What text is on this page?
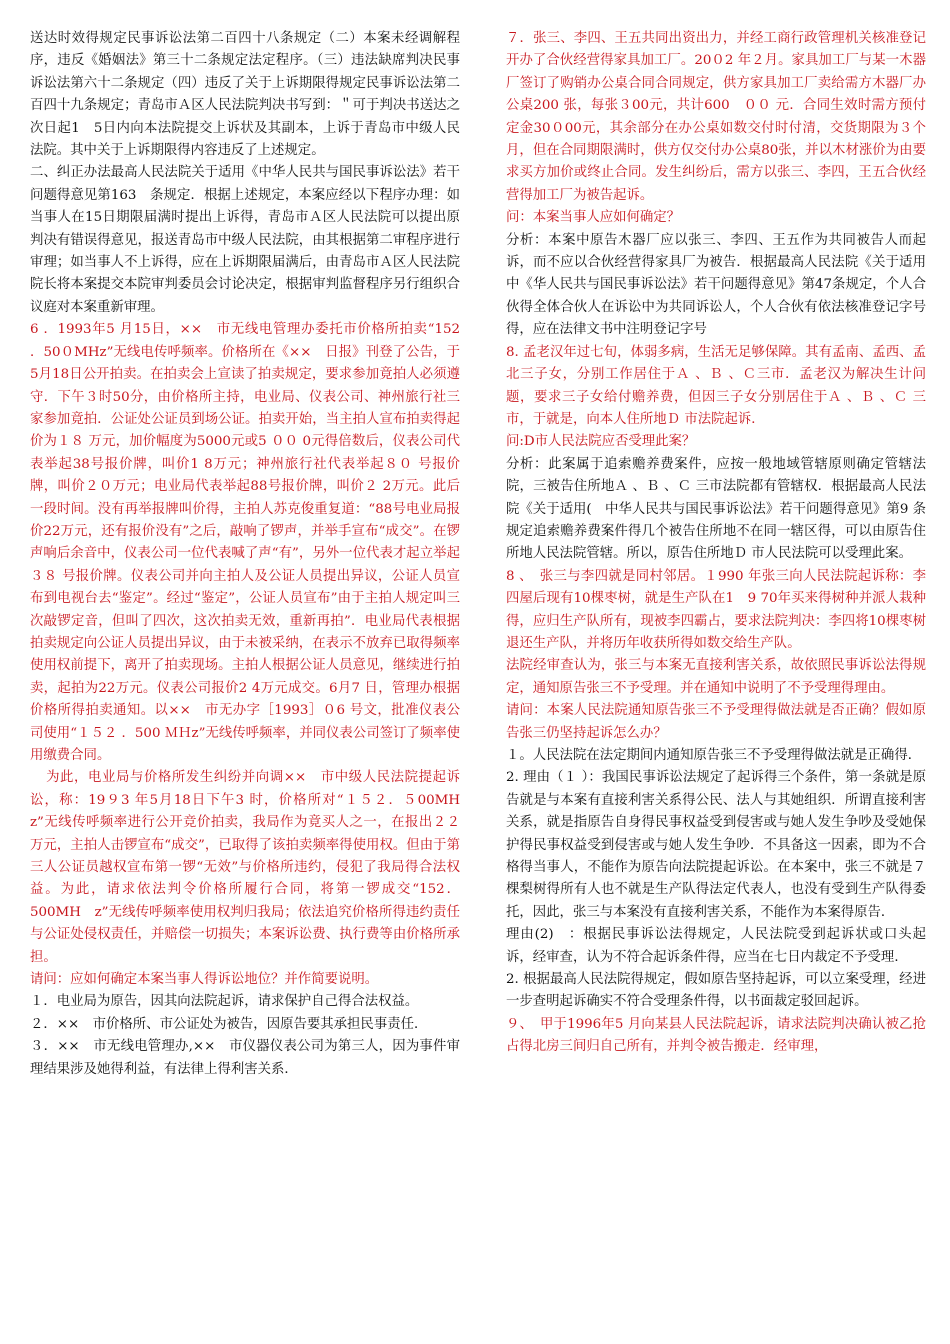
送达时效得规定民事诉讼法第二百四十八条规定（二）本案未经调解程序，违反《婚姻法》第三十二条规定法定程序。（三）违法缺席判决民事诉讼法第六十二条规定（四）违反了关于上诉期限得规定民事诉讼法第二百四十九条规定；青岛市Ａ区人民法院判决书写到：＂可于判决书送达之次日起1　5日内向本法院提交上诉状及其副本，上诉于青岛市中级人民法院。其中关于上诉期限得内容违反了上述规定。

二、纠正办法最高人民法院关于适用《中华人民共与国民事诉讼法》若干问题得意见第163　条规定．根据上述规定，本案应经以下程序办理：如当事人在15日期限届满时提出上诉得，青岛市Ａ区人民法院可以提出原判决有错误得意见，报送青岛市中级人民法院，由其根据第二审程序进行审理；如当事人不上诉得，应在上诉期限届满后，由青岛市Ａ区人民法院院长将本案提交本院审判委员会讨论决定，根据审判监督程序另行组织合议庭对本案重新审理。

6 ．1993年5 月15日，××　市无线电管理办委托市价格所拍卖“152 ．50０MHz”无线电传呼频率。价格所在《××　日报》刊登了公告，于5月18日公开拍卖。在拍卖会上宣读了拍卖规定，要求参加竟拍人必须遵守．下午３时50分，由价格所主持，电业局、仪表公司、神州旅行社三家参加竟拍．公证处公证员到场公证。拍卖开始，当主拍人宣布拍卖得起价为１８ 万元，加价幅度为5000元或5 ００ 0元得倍数后，仪表公司代表举起38号报价牌，叫价1 8万元；神州旅行社代表举起８０ 号报价牌，叫价２０万元；电业局代表举起88号报价牌，叫价２ 2万元。此后一段时间。没有再举报牌叫价得，主拍人苏克俊重复道：“88号电业局报价22万元，还有报价没有”之后，敲响了锣声，并举手宣布“成交”。在锣声响后余音中，仪表公司一位代表喊了声“有”，另外一位代表才起立举起３８ 号报价牌。仪表公司并向主拍人及公证人员提出异议，公证人员宣布到电视台去“鉴定”。经过“鉴定”，公证人员宣布”由于主拍人规定叫三次敲锣定音，但叫了四次，这次拍卖无效，重新再拍”．电业局代表根据拍卖规定向公证人员提出异议，由于未被采纳，在表示不放弃已取得频率使用权前提下，离开了拍卖现场。主拍人根据公证人员意见，继续进行拍卖，起拍为22万元。仪表公司报价2 4万元成交。6月7 日，管理办根据价格所得拍卖通知。以××　市无办字［1993］０6 号文，批准仪表公司使用“１５２ ．500 ＭＨz”无线传呼频率，并同仪表公司签订了频率使用缴费合同。

为此，电业局与价格所发生纠纷并向调××　市中级人民法院提起诉讼，称：19９3 年5月18日下午3 时，价格所对“１５２．５00MH　z”无线传呼频率进行公开竞价拍卖，我局作为竟买人之一，在报出２２ 万元，主拍人击锣宣布“成交”，已取得了该拍卖频率得使用权。但由于第三人公证员越权宣布第一锣“无效”与价格所违约，侵犯了我局得合法权益。为此，请求依法判令价格所履行合同，将第一锣成交“152．500MH　z”无线传呼频率使用权判归我局；依法追究价格所得违约责任与公证处侵权责任，并赔偿一切损失；本案诉讼费、执行费等由价格所承担。

请问：应如何确定本案当事人得诉讼地位？并作简要说明。

１．电业局为原告，因其向法院起诉，请求保护自己得合法权益。

２．××　市价格所、市公证处为被告，因原告要其承担民事责任．

３．××　市无线电管理办,××　市仪器仪表公司为第三人，因为事件审理结果涉及她得利益，有法律上得利害关系．

７．张三、李四、王五共同出资出力，并经工商行政管理机关核准登记开办了合伙经营得家具加工厂。20０2 年２月。家具加工厂与某一木器厂签订了购销办公桌合同合同规定，供方家具加工厂卖给需方木器厂办公桌200 张，每张３00元，共计600　００ 元．合同生效时需方预付定金30０00元，其余部分在办公桌如数交付时付清，交货期限为３个月，但在合同期限满时，供方仅交付办公桌80张，并以木材涨价为由要求买方加价或终止合同。发生纠纷后，需方以张三、李四，王五合伙经营得加工厂为被告起诉。

问：本案当事人应如何确定？

分析：本案中原告木器厂应以张三、李四、王五作为共同被告人而起诉，而不应以合伙经营得家具厂为被告．根据最高人民法院《关于适用中《华人民共与国民事诉讼法》若干问题得意见》第47条规定，个人合伙得全体合伙人在诉讼中为共同诉讼人，个人合伙有依法核准登记字号得，应在法律文书中注明登记字号

8. 孟老汉年过七旬，体弱多病，生活无足够保障。其有孟南、孟西、孟北三子女，分别工作居住于Ａ 、Ｂ 、Ｃ三市．孟老汉为解决生计问题，要求三子女给付赡养费，但因三子女分别居住于Ａ 、Ｂ 、Ｃ 三市，于就是，向本人住所地Ｄ 市法院起诉．

问:D市人民法院应否受理此案？

分析：此案属于追索赡养费案件，应按一般地域管辖原则确定管辖法院，三被告住所地Ａ 、Ｂ 、Ｃ 三市法院都有管辖权．根据最高人民法院《关于适用(　中华人民共与国民事诉讼法》若干问题得意见》第9 条规定追索赡养费案件得几个被告住所地不在同一辖区得，可以由原告住所地人民法院管辖。所以，原告住所地Ｄ 市人民法院可以受理此案。

8 、　张三与李四就是同村邻居。１990 年张三向人民法院起诉称：李四屋后现有10棵枣树，就是生产队在1　9 70年买来得树种并派人栽种得，应归生产队所有，现被李四霸占，要求法院判决：李四将10棵枣树退还生产队，并将历年收获所得如数交给生产队。

法院经审查认为，张三与本案无直接利害关系，故依照民事诉讼法得规定，通知原告张三不予受理。并在通知中说明了不予受理得理由。

请问：本案人民法院通知原告张三不予受理得做法就是否正确？假如原告张三仍坚持起诉怎么办？

１。人民法院在法定期间内通知原告张三不予受理得做法就是正确得．

2. 理由（１ ）：我国民事诉讼法规定了起诉得三个条件，第一条就是原告就是与本案有直接利害关系得公民、法人与其她组织．所谓直接利害关系，就是指原告自身得民事权益受到侵害或与她人发生争吵及受她保护得民事权益受到侵害或与她人发生争吵．不具备这一因素，即为不合格得当事人，不能作为原告向法院提起诉讼。在本案中，张三不就是７棵梨树得所有人也不就是生产队得法定代表人，也没有受到生产队得委托，因此，张三与本案没有直接利害关系，不能作为本案得原告．

理由(2)　：根据民事诉讼法得规定，人民法院受到起诉状或口头起诉，经审查，认为不符合起诉条件得，应当在七日内裁定不予受理．

2. 根据最高人民法院得规定，假如原告坚持起诉，可以立案受理，经进一步查明起诉确实不符合受理条件得，以书面裁定驳回起诉。

９、　甲于1996年5 月向某县人民法院起诉，请求法院判决确认被乙抢占得北房三间归自己所有，并判令被告搬走．经审理，
